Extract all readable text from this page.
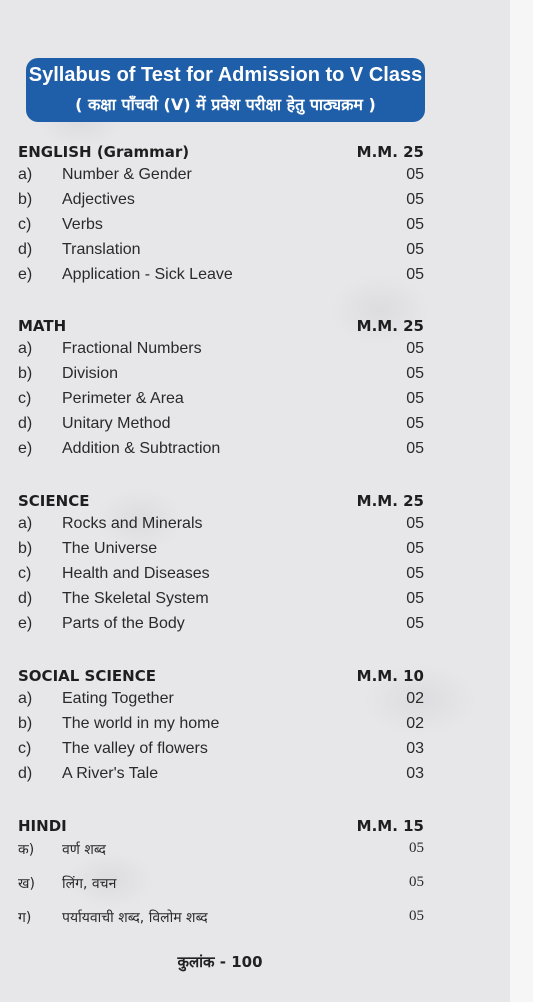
Syllabus of Test for Admission to V Class
( कक्षा पाँचवी (V) में प्रवेश परीक्षा हेतु पाठ्यक्रम )
ENGLISH (Grammar)	M.M. 25
a) Number & Gender	05
b) Adjectives	05
c) Verbs	05
d) Translation	05
e) Application - Sick Leave	05
MATH	M.M. 25
a) Fractional Numbers	05
b) Division	05
c) Perimeter & Area	05
d) Unitary Method	05
e) Addition & Subtraction	05
SCIENCE	M.M. 25
a) Rocks and Minerals	05
b) The Universe	05
c) Health and Diseases	05
d) The Skeletal System	05
e) Parts of the Body	05
SOCIAL SCIENCE	M.M. 10
a) Eating Together	02
b) The world in my home	02
c) The valley of flowers	03
d) A River's Tale	03
HINDI	M.M. 15
क) वर्ण शब्द	05
ख) लिंग, वचन	05
ग) पर्यायवाची शब्द, विलोम शब्द	05
कुलांक - 100
